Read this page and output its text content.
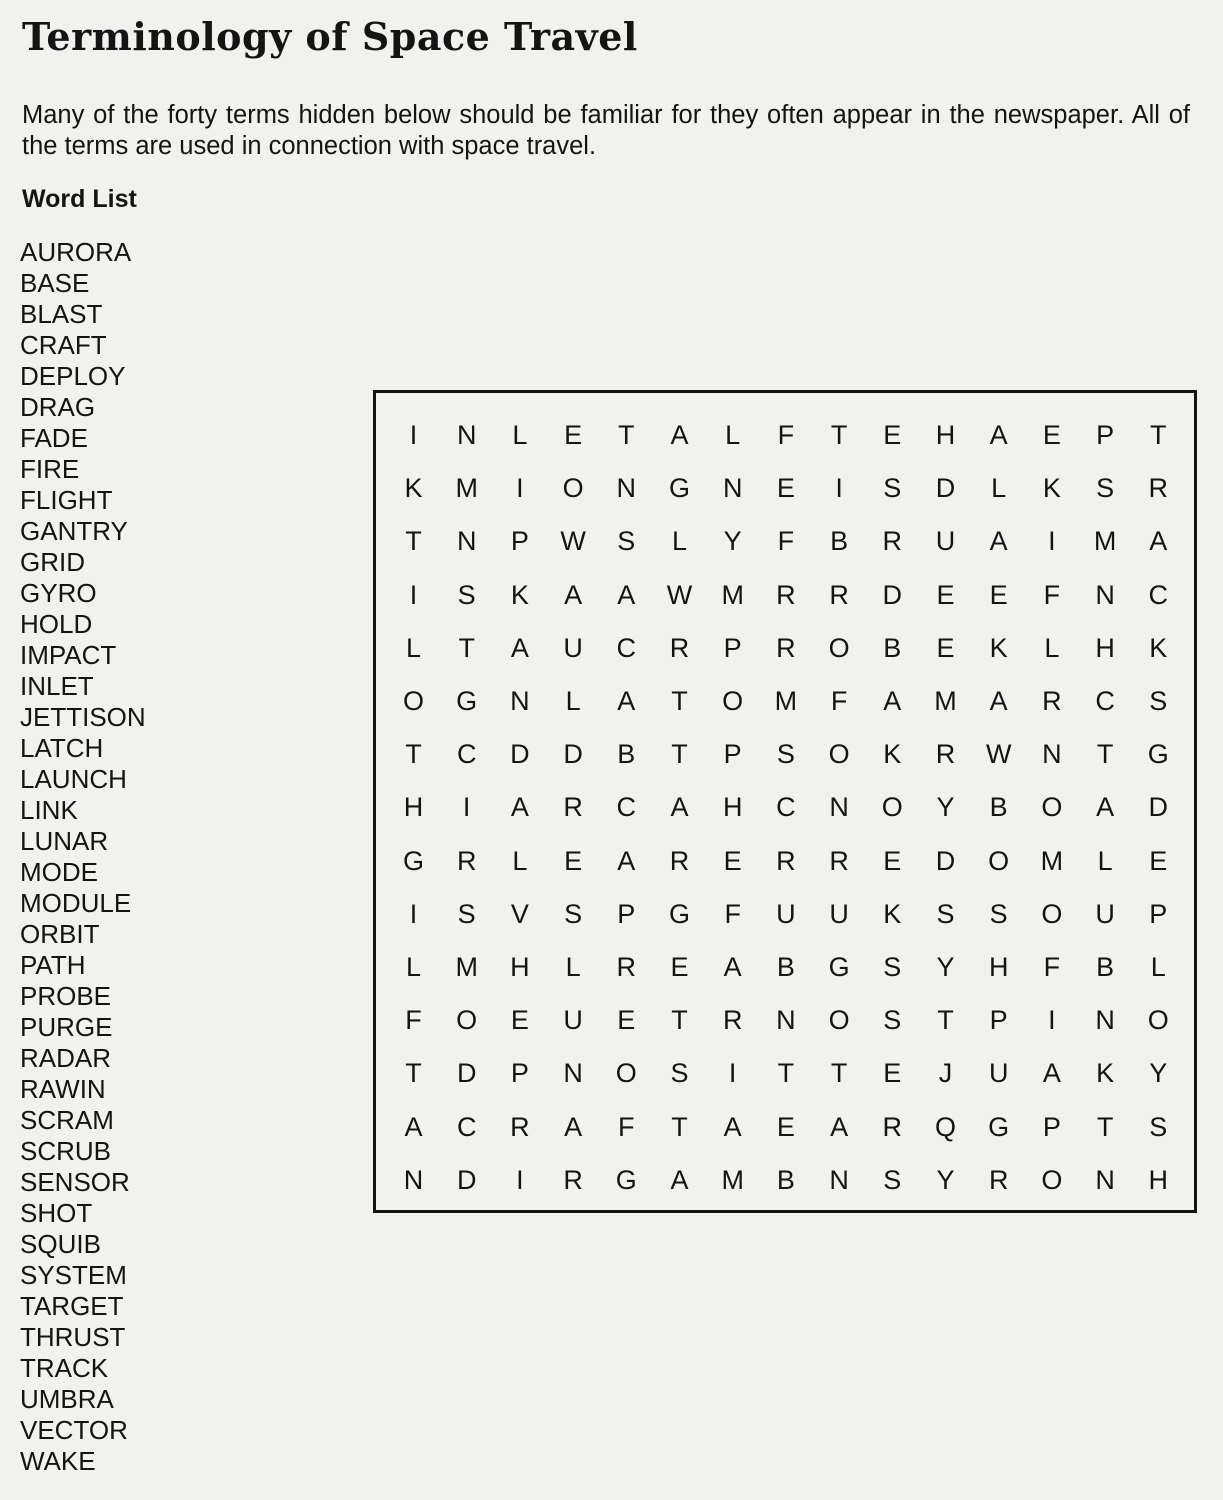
Terminology of Space Travel
Many of the forty terms hidden below should be familiar for they often appear in the newspaper. All of the terms are used in connection with space travel.
Word List
AURORA
BASE
BLAST
CRAFT
DEPLOY
DRAG
FADE
FIRE
FLIGHT
GANTRY
GRID
GYRO
HOLD
IMPACT
INLET
JETTISON
LATCH
LAUNCH
LINK
LUNAR
MODE
MODULE
ORBIT
PATH
PROBE
PURGE
RADAR
RAWIN
SCRAM
SCRUB
SENSOR
SHOT
SQUIB
SYSTEM
TARGET
THRUST
TRACK
UMBRA
VECTOR
WAKE
I	N	L	E	T	A	L	F	T	E	H	A	E	P	T
K	M	I	O	N	G	N	E	I	S	D	L	K	S	R
T	N	P	W	S	L	Y	F	B	R	U	A	I	M	A
I	S	K	A	A	W	M	R	R	D	E	E	F	N	C
L	T	A	U	C	R	P	R	O	B	E	K	L	H	K
O	G	N	L	A	T	O	M	F	A	M	A	R	C	S
T	C	D	D	B	T	P	S	O	K	R	W	N	T	G
H	I	A	R	C	A	H	C	N	O	Y	B	O	A	D
G	R	L	E	A	R	E	R	R	E	D	O	M	L	E
I	S	V	S	P	G	F	U	U	K	S	S	O	U	P
L	M	H	L	R	E	A	B	G	S	Y	H	F	B	L
F	O	E	U	E	T	R	N	O	S	T	P	I	N	O
T	D	P	N	O	S	I	T	T	E	J	U	A	K	Y
A	C	R	A	F	T	A	E	A	R	Q	G	P	T	S
N	D	I	R	G	A	M	B	N	S	Y	R	O	N	H
